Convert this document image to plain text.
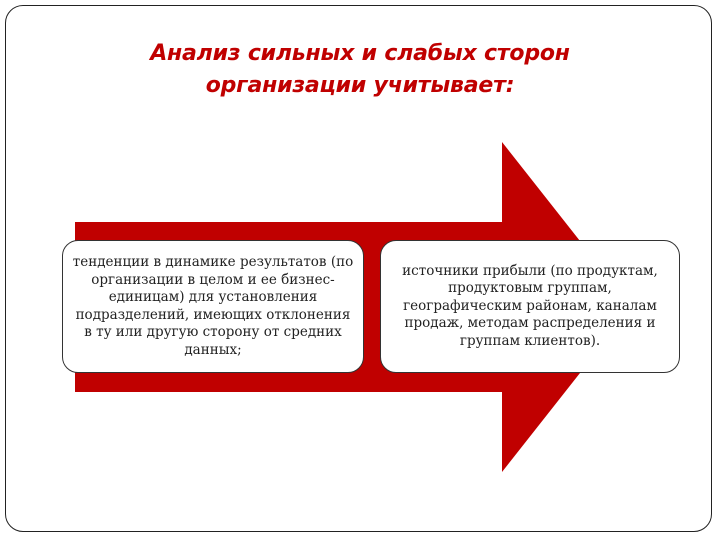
Анализ сильных и слабых сторон
организации учитывает:
тенденции в динамике результатов (по организации в целом и ее бизнес-единицам) для установления подразделений, имеющих отклонения в ту или другую сторону от средних данных;
источники прибыли (по продуктам, продуктовым группам, географическим районам, каналам продаж, методам распределения и группам клиентов).
